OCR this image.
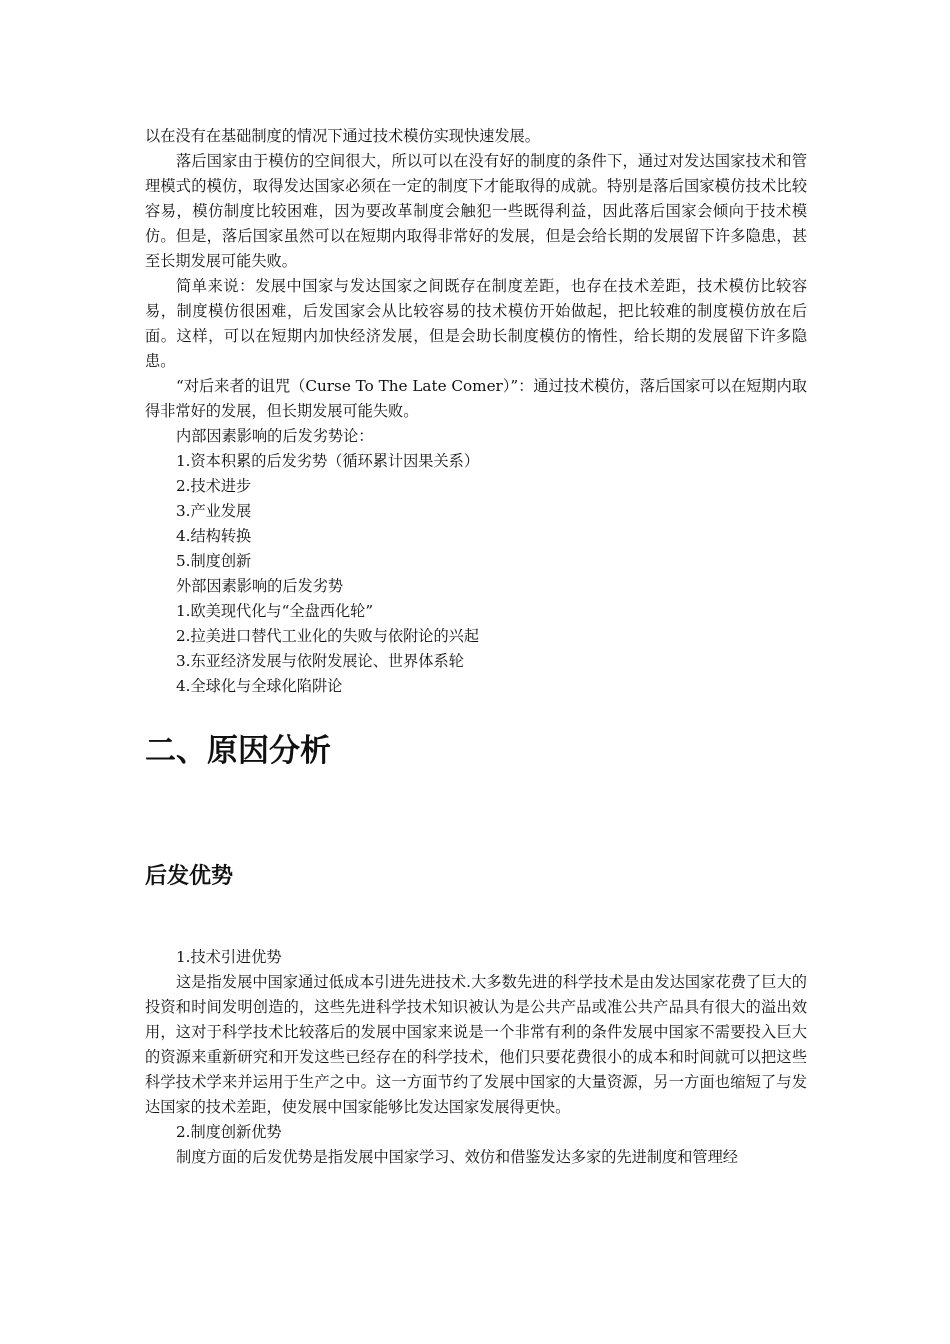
以在没有在基础制度的情况下通过技术模仿实现快速发展。

落后国家由于模仿的空间很大，所以可以在没有好的制度的条件下，通过对发达国家技术和管理模式的模仿，取得发达国家必须在一定的制度下才能取得的成就。特别是落后国家模仿技术比较容易，模仿制度比较困难，因为要改革制度会触犯一些既得利益，因此落后国家会倾向于技术模仿。但是，落后国家虽然可以在短期内取得非常好的发展，但是会给长期的发展留下许多隐患，甚至长期发展可能失败。

简单来说：发展中国家与发达国家之间既存在制度差距，也存在技术差距，技术模仿比较容易，制度模仿很困难，后发国家会从比较容易的技术模仿开始做起，把比较难的制度模仿放在后面。这样，可以在短期内加快经济发展，但是会助长制度模仿的惰性，给长期的发展留下许多隐患。

“对后来者的诅咒（Curse To The Late Comer）”：通过技术模仿，落后国家可以在短期内取得非常好的发展，但长期发展可能失败。

内部因素影响的后发劣势论：

1.资本积累的后发劣势（循环累计因果关系）

2.技术进步

3.产业发展

4.结构转换

5.制度创新

外部因素影响的后发劣势

1.欧美现代化与“全盘西化轮”

2.拉美进口替代工业化的失败与依附论的兴起

3.东亚经济发展与依附发展论、世界体系轮

4.全球化与全球化陷阱论

二、原因分析
后发优势

1.技术引进优势

这是指发展中国家通过低成本引进先进技术.大多数先进的科学技术是由发达国家花费了巨大的投资和时间发明创造的，这些先进科学技术知识被认为是公共产品或准公共产品具有很大的溢出效用，这对于科学技术比较落后的发展中国家来说是一个非常有利的条件发展中国家不需要投入巨大的资源来重新研究和开发这些已经存在的科学技术，他们只要花费很小的成本和时间就可以把这些科学技术学来并运用于生产之中。这一方面节约了发展中国家的大量资源，另一方面也缩短了与发达国家的技术差距，使发展中国家能够比发达国家发展得更快。

2.制度创新优势

制度方面的后发优势是指发展中国家学习、效仿和借鉴发达多家的先进制度和管理经
